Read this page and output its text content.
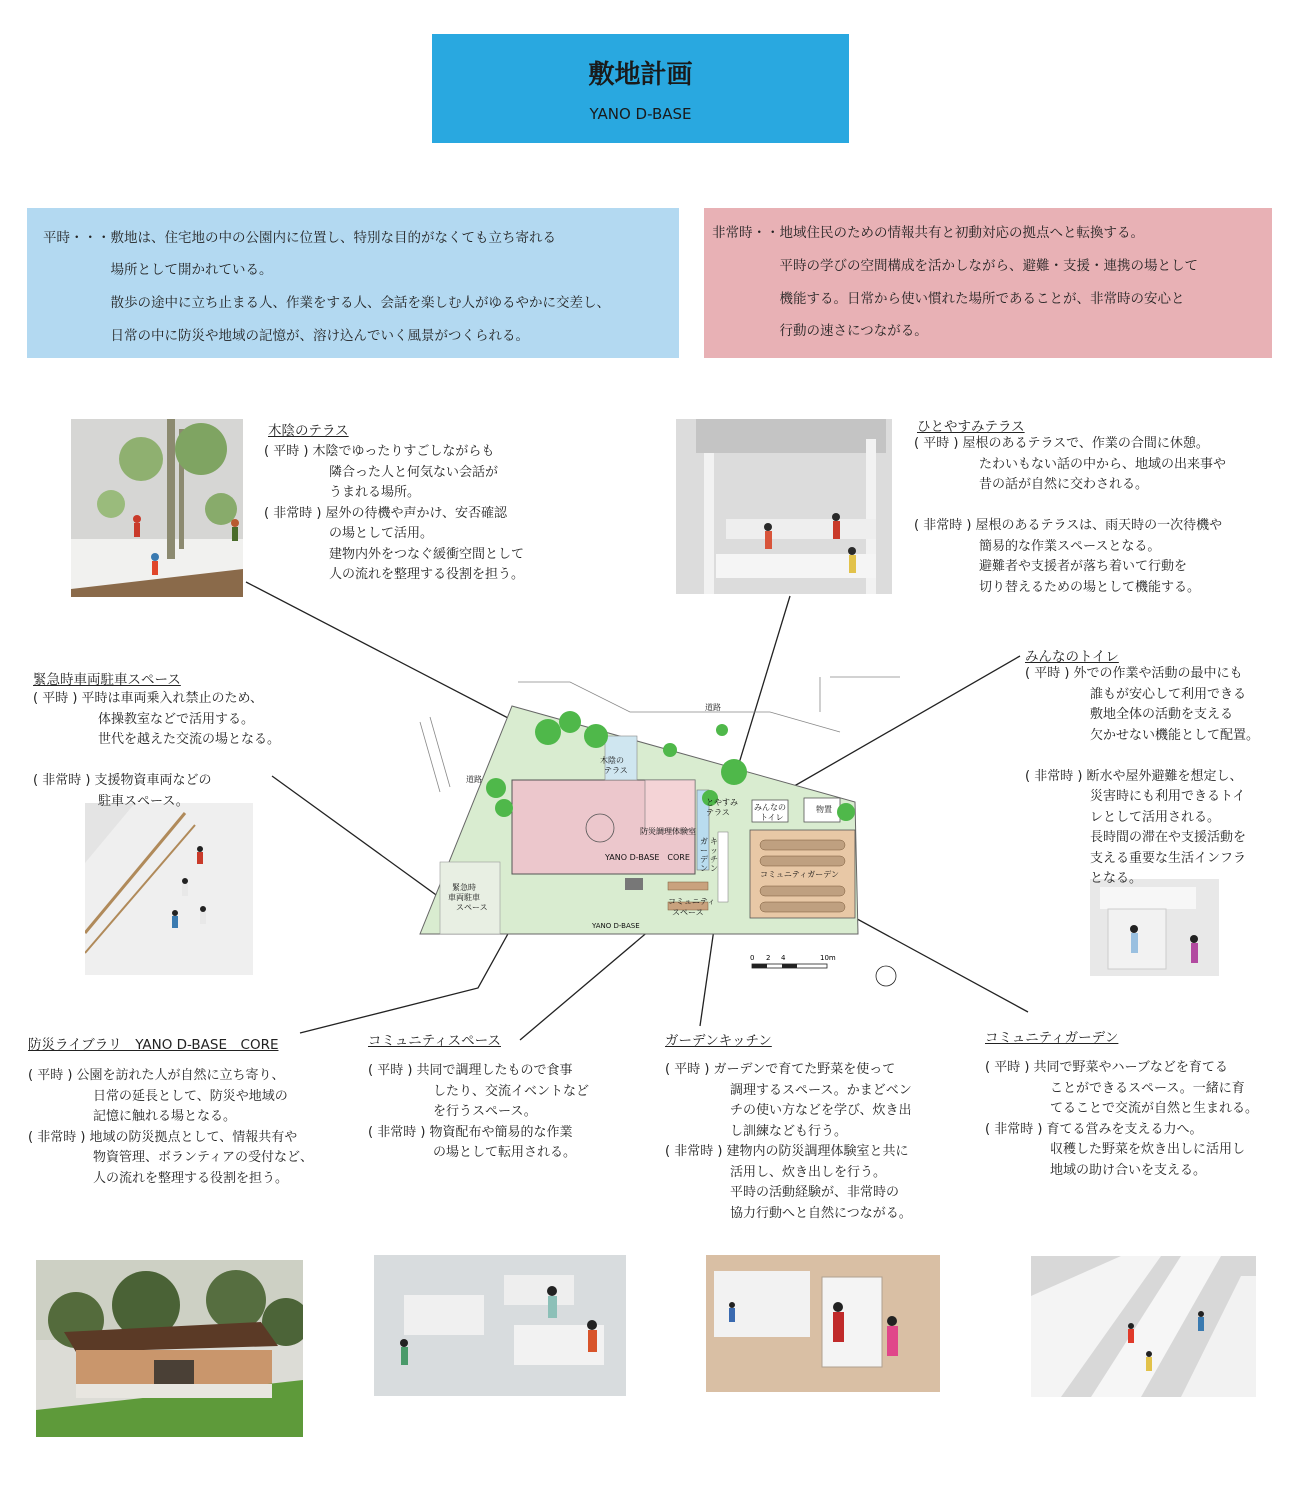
敷地計画
YANO D-BASE
平時・・・敷地は、住宅地の中の公園内に位置し、特別な目的がなくても立ち寄れる
　　　　　場所として開かれている。
　　　　　散歩の途中に立ち止まる人、作業をする人、会話を楽しむ人がゆるやかに交差し、
　　　　　日常の中に防災や地域の記憶が、溶け込んでいく風景がつくられる。
非常時・・地域住民のための情報共有と初動対応の拠点へと転換する。
　　　　　平時の学びの空間構成を活かしながら、避難・支援・連携の場として
　　　　　機能する。日常から使い慣れた場所であることが、非常時の安心と
　　　　　行動の速さにつながる。
道路
道路
木陰の
テラス
とやすみ
テラス
みんなの
トイレ
物置
防災調理体験室
YANO D-BASE　CORE
コミュニティガーデン
コミュニティ
スペース
緊急時
車両駐車
スペース
YANO D-BASE
ガ
ー
デ
ン
キ
ッ
チ
ン
0 2 4	10m
木陰のテラス
( 平時 ) 木陰でゆったりすごしながらも
　　　　　隣合った人と何気ない会話が
　　　　　うまれる場所。
( 非常時 ) 屋外の待機や声かけ、安否確認
　　　　　の場として活用。
　　　　　建物内外をつなぐ緩衝空間として
　　　　　人の流れを整理する役割を担う。
ひとやすみテラス
( 平時 ) 屋根のあるテラスで、作業の合間に休憩。
　　　　　たわいもない話の中から、地域の出来事や
　　　　　昔の話が自然に交わされる。

( 非常時 ) 屋根のあるテラスは、雨天時の一次待機や
　　　　　簡易的な作業スペースとなる。
　　　　　避難者や支援者が落ち着いて行動を
　　　　　切り替えるための場として機能する。
緊急時車両駐車スペース
( 平時 ) 平時は車両乗入れ禁止のため、
　　　　　体操教室などで活用する。
　　　　　世代を越えた交流の場となる。

( 非常時 ) 支援物資車両などの
　　　　　駐車スペース。
みんなのトイレ
( 平時 ) 外での作業や活動の最中にも
　　　　　誰もが安心して利用できる
　　　　　敷地全体の活動を支える
　　　　　欠かせない機能として配置。

( 非常時 ) 断水や屋外避難を想定し、
　　　　　災害時にも利用できるトイ
　　　　　レとして活用される。
　　　　　長時間の滞在や支援活動を
　　　　　支える重要な生活インフラ
　　　　　となる。
防災ライブラリ　YANO D-BASE　CORE
( 平時 ) 公園を訪れた人が自然に立ち寄り、
　　　　　日常の延長として、防災や地域の
　　　　　記憶に触れる場となる。
( 非常時 ) 地域の防災拠点として、情報共有や
　　　　　物資管理、ボランティアの受付など、
　　　　　人の流れを整理する役割を担う。
コミュニティスペース
( 平時 ) 共同で調理したもので食事
　　　　　したり、交流イベントなど
　　　　　を行うスペース。
( 非常時 ) 物資配布や簡易的な作業
　　　　　の場として転用される。
ガーデンキッチン
( 平時 ) ガーデンで育てた野菜を使って
　　　　　調理するスペース。かまどベン
　　　　　チの使い方などを学び、炊き出
　　　　　し訓練なども行う。
( 非常時 ) 建物内の防災調理体験室と共に
　　　　　活用し、炊き出しを行う。
　　　　　平時の活動経験が、非常時の
　　　　　協力行動へと自然につながる。
コミュニティガーデン
( 平時 ) 共同で野菜やハーブなどを育てる
　　　　　ことができるスペース。一緒に育
　　　　　てることで交流が自然と生まれる。
( 非常時 ) 育てる営みを支える力へ。
　　　　　収穫した野菜を炊き出しに活用し
　　　　　地域の助け合いを支える。
